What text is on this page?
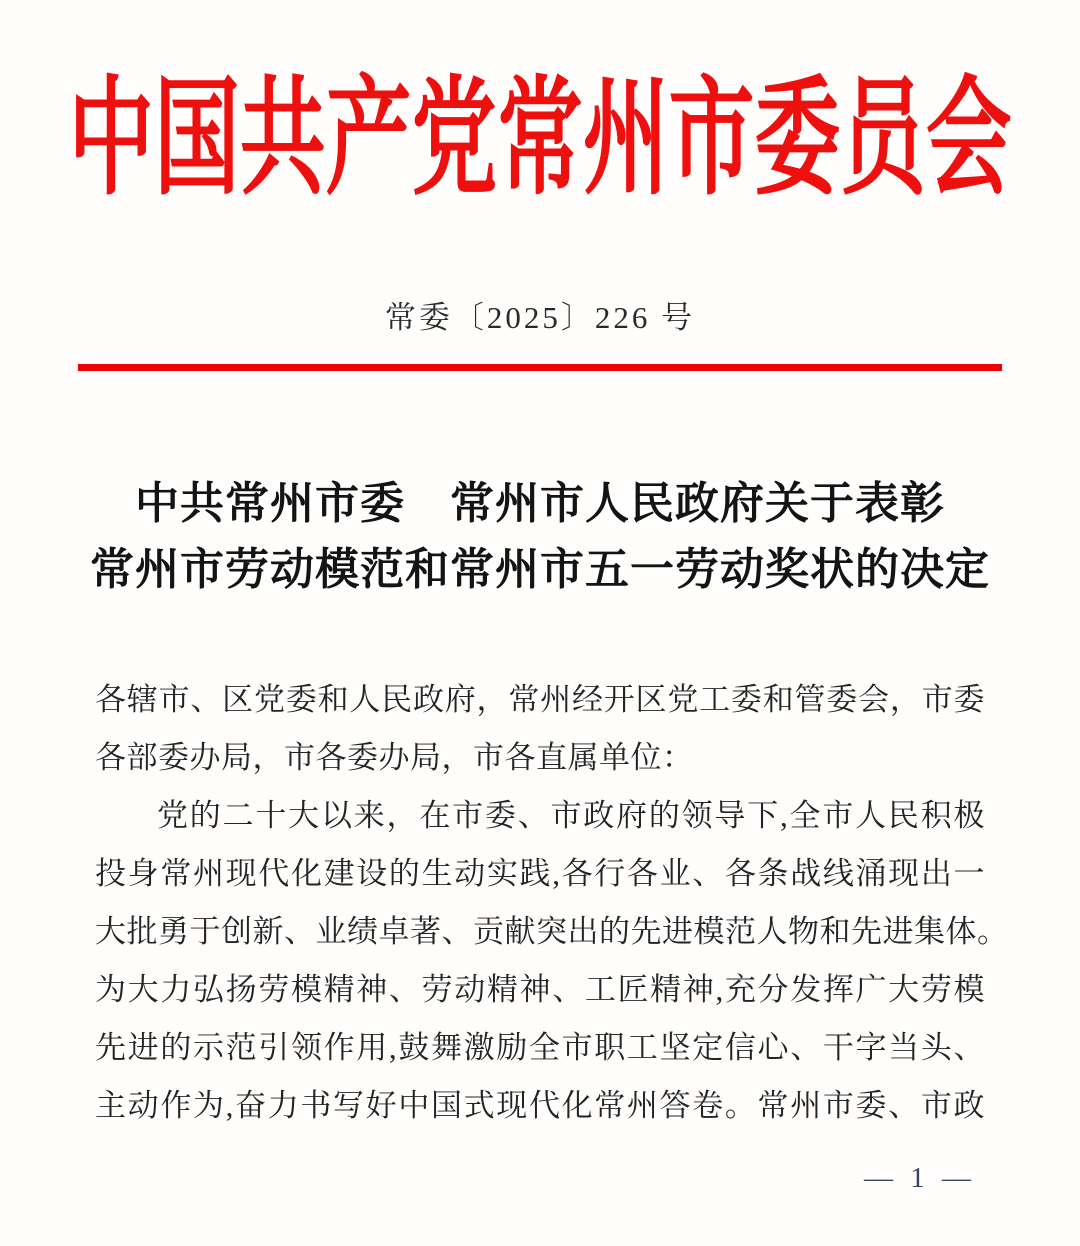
中国共产党常州市委员会
常委〔2025〕226 号
中共常州市委　常州市人民政府关于表彰
常州市劳动模范和常州市五一劳动奖状的决定
各辖市、区党委和人民政府，常州经开区党工委和管委会，市委
各部委办局，市各委办局，市各直属单位：
党的二十大以来，在市委、市政府的领导下,全市人民积极
投身常州现代化建设的生动实践,各行各业、各条战线涌现出一
大批勇于创新、业绩卓著、贡献突出的先进模范人物和先进集体。
为大力弘扬劳模精神、劳动精神、工匠精神,充分发挥广大劳模
先进的示范引领作用,鼓舞激励全市职工坚定信心、干字当头、
主动作为,奋力书写好中国式现代化常州答卷。常州市委、市政
— 1 —
